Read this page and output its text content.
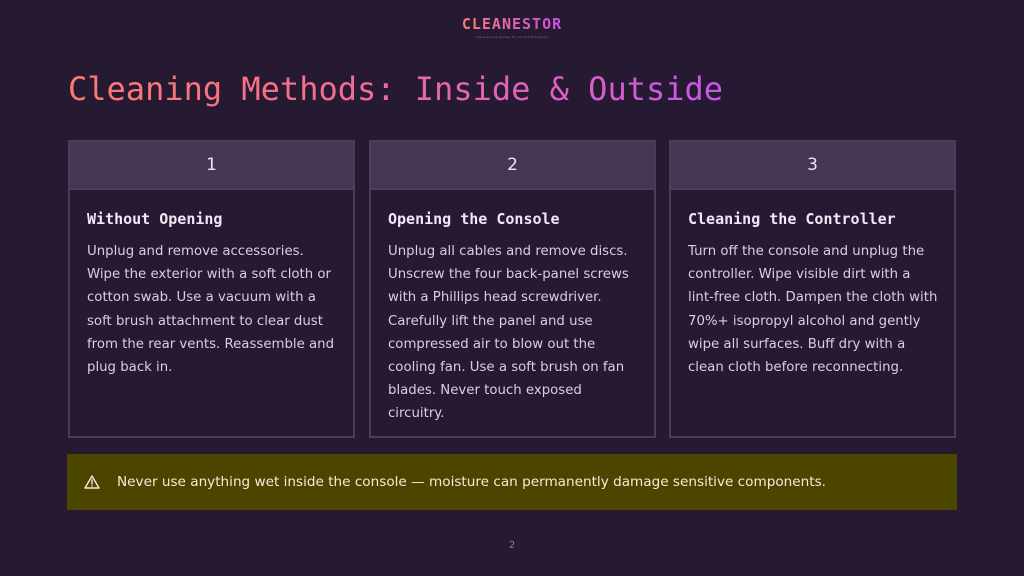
CLEANESTOR
The Cleaning Guides for All and Everybody
Cleaning Methods: Inside & Outside
1
Without Opening
Unplug and remove accessories. Wipe the exterior with a soft cloth or cotton swab. Use a vacuum with a soft brush attachment to clear dust from the rear vents. Reassemble and plug back in.
2
Opening the Console
Unplug all cables and remove discs. Unscrew the four back-panel screws with a Phillips head screwdriver. Carefully lift the panel and use compressed air to blow out the cooling fan. Use a soft brush on fan blades. Never touch exposed circuitry.
3
Cleaning the Controller
Turn off the console and unplug the controller. Wipe visible dirt with a lint-free cloth. Dampen the cloth with 70%+ isopropyl alcohol and gently wipe all surfaces. Buff dry with a clean cloth before reconnecting.
Never use anything wet inside the console — moisture can permanently damage sensitive components.
2
